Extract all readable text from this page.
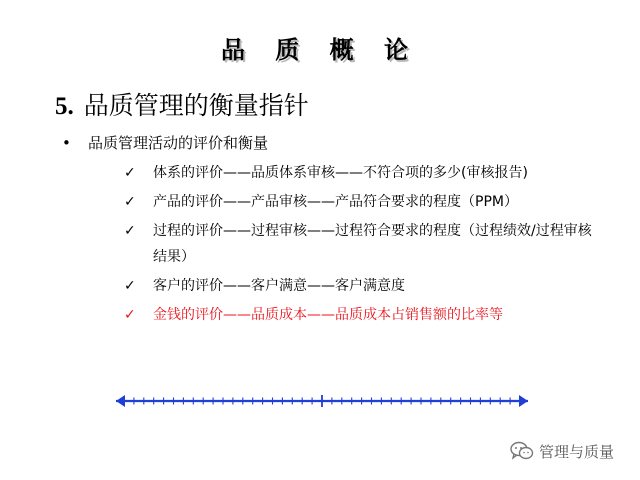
品 质 概 论
5. 品质管理的衡量指针
• 品质管理活动的评价和衡量
✓	体系的评价——品质体系审核——不符合项的多少(审核报告)
✓	产品的评价——产品审核——产品符合要求的程度（PPM）
✓	过程的评价——过程审核——过程符合要求的程度（过程绩效/过程审核结果）
✓	客户的评价——客户满意——客户满意度
✓	金钱的评价——品质成本——品质成本占销售额的比率等
管理与质量
